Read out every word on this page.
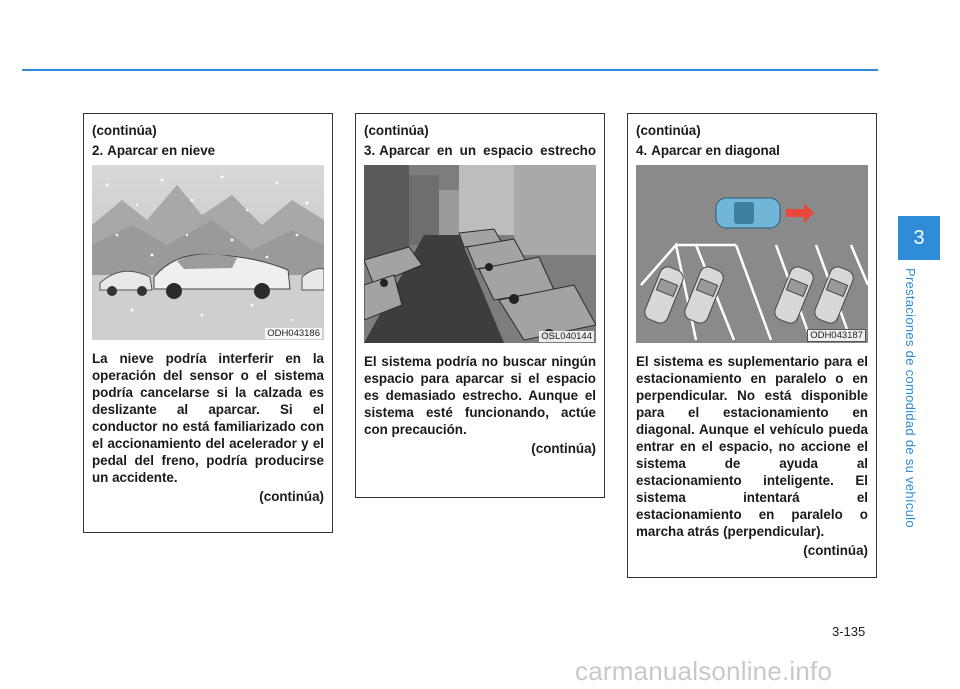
(continúa)
2. Aparcar en nieve
ODH043186
La nieve podría interferir en la operación del sensor o el sistema podría cancelarse si la calzada es deslizante al aparcar. Si el conductor no está familiarizado con el accionamiento del acelerador y el pedal del freno, podría producirse un accidente.
(continúa)
(continúa)
3. Aparcar en un espacio estrecho
OSL040144
El sistema podría no buscar ningún espacio para aparcar si el espacio es demasiado estrecho. Aunque el sistema esté funcionando, actúe con precaución.
(continúa)
(continúa)
4. Aparcar en diagonal
ODH043187
El sistema es suplementario para el estacionamiento en paralelo o en perpendicular. No está disponible para el estacionamiento en diagonal. Aunque el vehículo pueda entrar en el espacio, no accione el sistema de ayuda al estacionamiento inteligente. El sistema intentará el estacionamiento en paralelo o marcha atrás (perpendicular).
(continúa)
3
Prestaciones de comodidad de su vehículo
3-135
carmanualsonline.info
